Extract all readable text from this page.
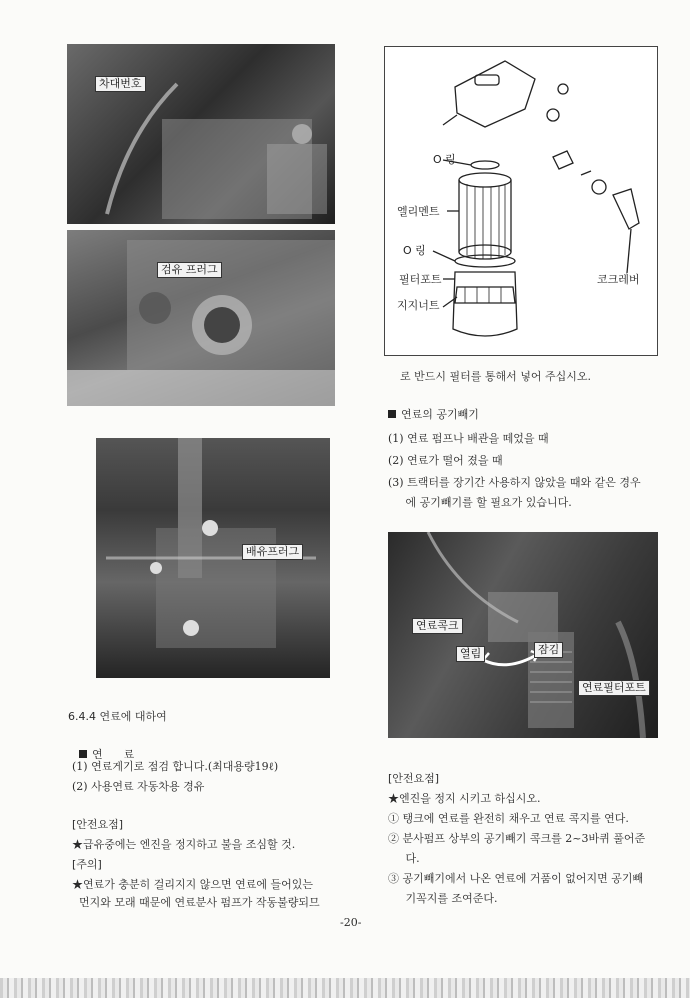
차대번호
검유 프러그
배유프러그
O 링
엘리멘트
O 링
필터포트
지지너트
코크레버
로 반드시 필터를 통해서 넣어 주십시오.
연료의 공기빼기
(1) 연료 펌프나 배관을 떼었을 때
(2) 연료가 떨어 졌을 때
(3) 트랙터를 장기간 사용하지 않았을 때와 같은 경우
에 공기빼기를 할 필요가 있습니다.
연료콕크
열림	잠김
연료필터포트
[안전요점]
★엔진을 정지 시키고 하십시오.
① 탱크에 연료를 완전히 채우고 연료 콕지를 연다.
② 분사펌프 상부의 공기빼기 콕크를 2~3바퀴 풀어준
다.
③ 공기빼기에서 나온 연료에 거품이 없어지면 공기빼
기꼭지를 조여준다.
6.4.4 연료에 대하여

연      료

(1) 연료게기로 점검 합니다.(최대용량19ℓ)
(2) 사용연료 자동차용 경유
[안전요점]
★급유중에는 엔진을 정지하고 불을 조심할 것.
[주의]
★연료가 충분히 걸리지지 않으면 연료에 들어있는
먼지와 모래 때문에 연료분사 펌프가 작동불량되므
-20-
